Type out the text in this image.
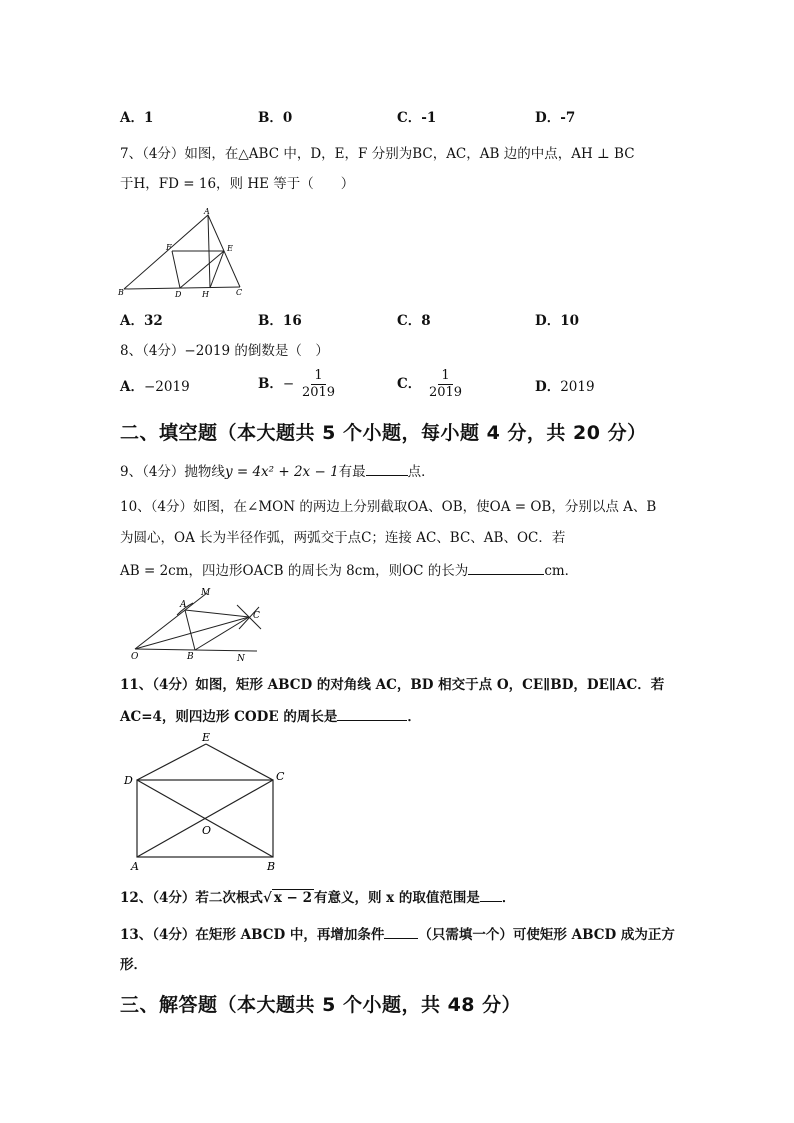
A．1	B．0	C．-1	D．-7
7、（4分）如图，在△ABC 中，D，E，F 分别为BC，AC，AB 边的中点，AH ⊥ BC
于H，FD = 16，则 HE 等于（　　）
A
F	E
B	D	H	C
A．32	B．16	C．8	D．10
8、（4分）−2019 的倒数是（　）
A．−2019	B．− $\frac{1}{2019}$	C． $\frac{1}{2019}$	D．2019
二、填空题（本大题共 5 个小题，每小题 4 分，共 20 分）
9、（4分）抛物线y = 4x² + 2x − 1有最	点．
10、（4分）如图，在∠MON 的两边上分别截取OA、OB，使OA = OB，分别以点 A、B
为圆心，OA 长为半径作弧，两弧交于点C；连接 AC、BC、AB、OC．若
AB = 2cm，四边形OACB 的周长为 8cm，则OC 的长为	cm．
M
A
C
O	B	N
11、（4分）如图，矩形 ABCD 的对角线 AC，BD 相交于点 O，CE∥BD，DE∥AC．若
AC=4，则四边形 CODE 的周长是	．
E
D	C
O
A	B
12、（4分）若二次根式√ x − 2 有意义，则 x 的取值范围是 ．
13、（4分）在矩形 ABCD 中，再增加条件	（只需填一个）可使矩形 ABCD 成为正方
形．
三、解答题（本大题共 5 个小题，共 48 分）
